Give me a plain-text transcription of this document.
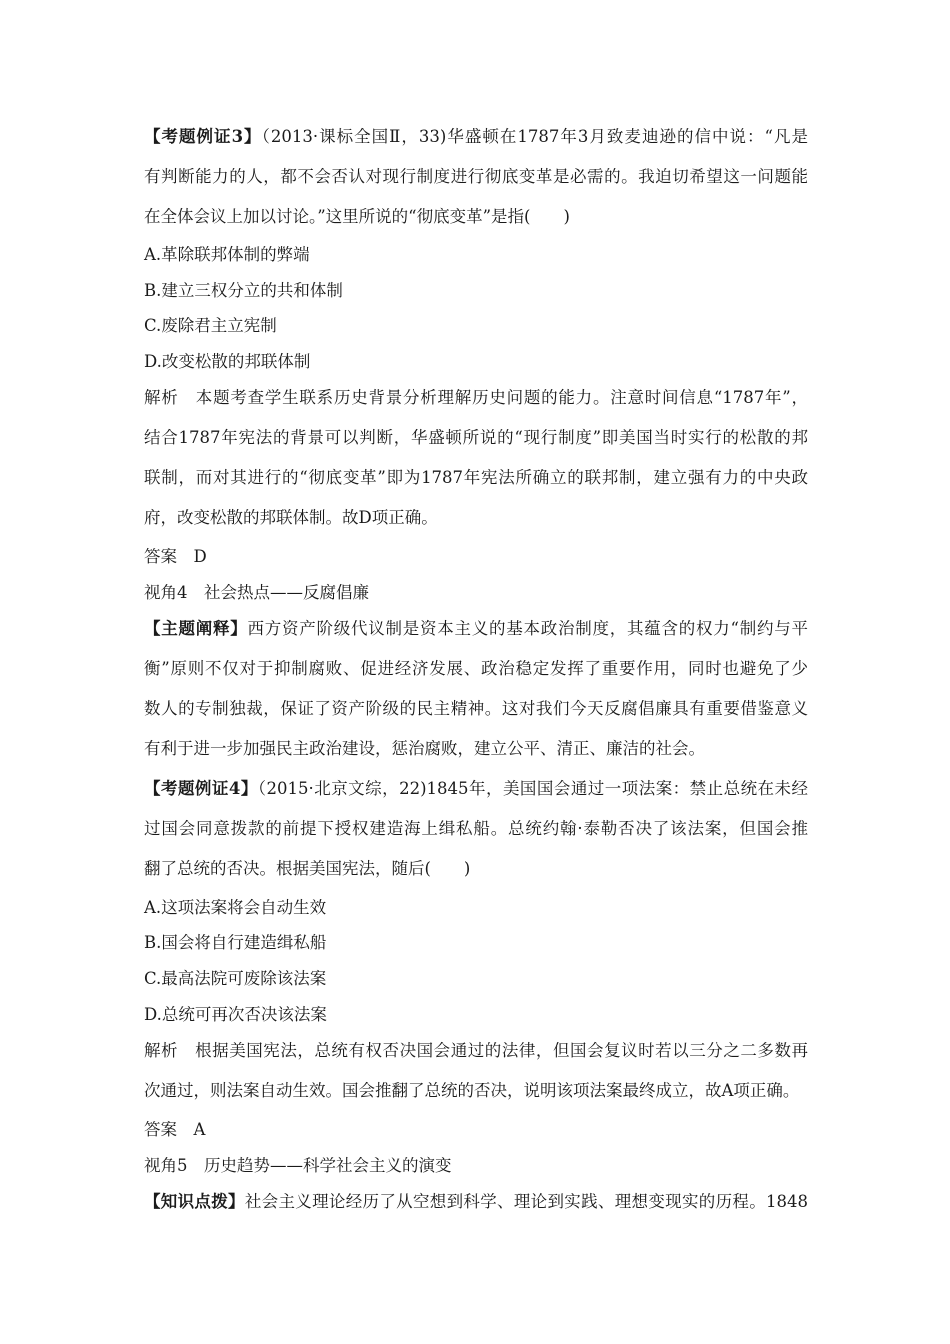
【考题例证3】（2013·课标全国Ⅱ，33)华盛顿在1787年3月致麦迪逊的信中说：“凡是
有判断能力的人，都不会否认对现行制度进行彻底变革是必需的。我迫切希望这一问题能
在全体会议上加以讨论。”这里所说的“彻底变革”是指(　　)
A.革除联邦体制的弊端
B.建立三权分立的共和体制
C.废除君主立宪制
D.改变松散的邦联体制
解析　本题考查学生联系历史背景分析理解历史问题的能力。注意时间信息“1787年”，
结合1787年宪法的背景可以判断，华盛顿所说的“现行制度”即美国当时实行的松散的邦
联制，而对其进行的“彻底变革”即为1787年宪法所确立的联邦制，建立强有力的中央政
府，改变松散的邦联体制。故D项正确。
答案　D
视角4　社会热点——反腐倡廉
【主题阐释】西方资产阶级代议制是资本主义的基本政治制度，其蕴含的权力“制约与平
衡”原则不仅对于抑制腐败、促进经济发展、政治稳定发挥了重要作用，同时也避免了少
数人的专制独裁，保证了资产阶级的民主精神。这对我们今天反腐倡廉具有重要借鉴意义
有利于进一步加强民主政治建设，惩治腐败，建立公平、清正、廉洁的社会。
【考题例证4】（2015·北京文综，22)1845年，美国国会通过一项法案：禁止总统在未经
过国会同意拨款的前提下授权建造海上缉私船。总统约翰·泰勒否决了该法案，但国会推
翻了总统的否决。根据美国宪法，随后(　　)
A.这项法案将会自动生效
B.国会将自行建造缉私船
C.最高法院可废除该法案
D.总统可再次否决该法案
解析　根据美国宪法，总统有权否决国会通过的法律，但国会复议时若以三分之二多数再
次通过，则法案自动生效。国会推翻了总统的否决，说明该项法案最终成立，故A项正确。
答案　A
视角5　历史趋势——科学社会主义的演变
【知识点拨】社会主义理论经历了从空想到科学、理论到实践、理想变现实的历程。1848
